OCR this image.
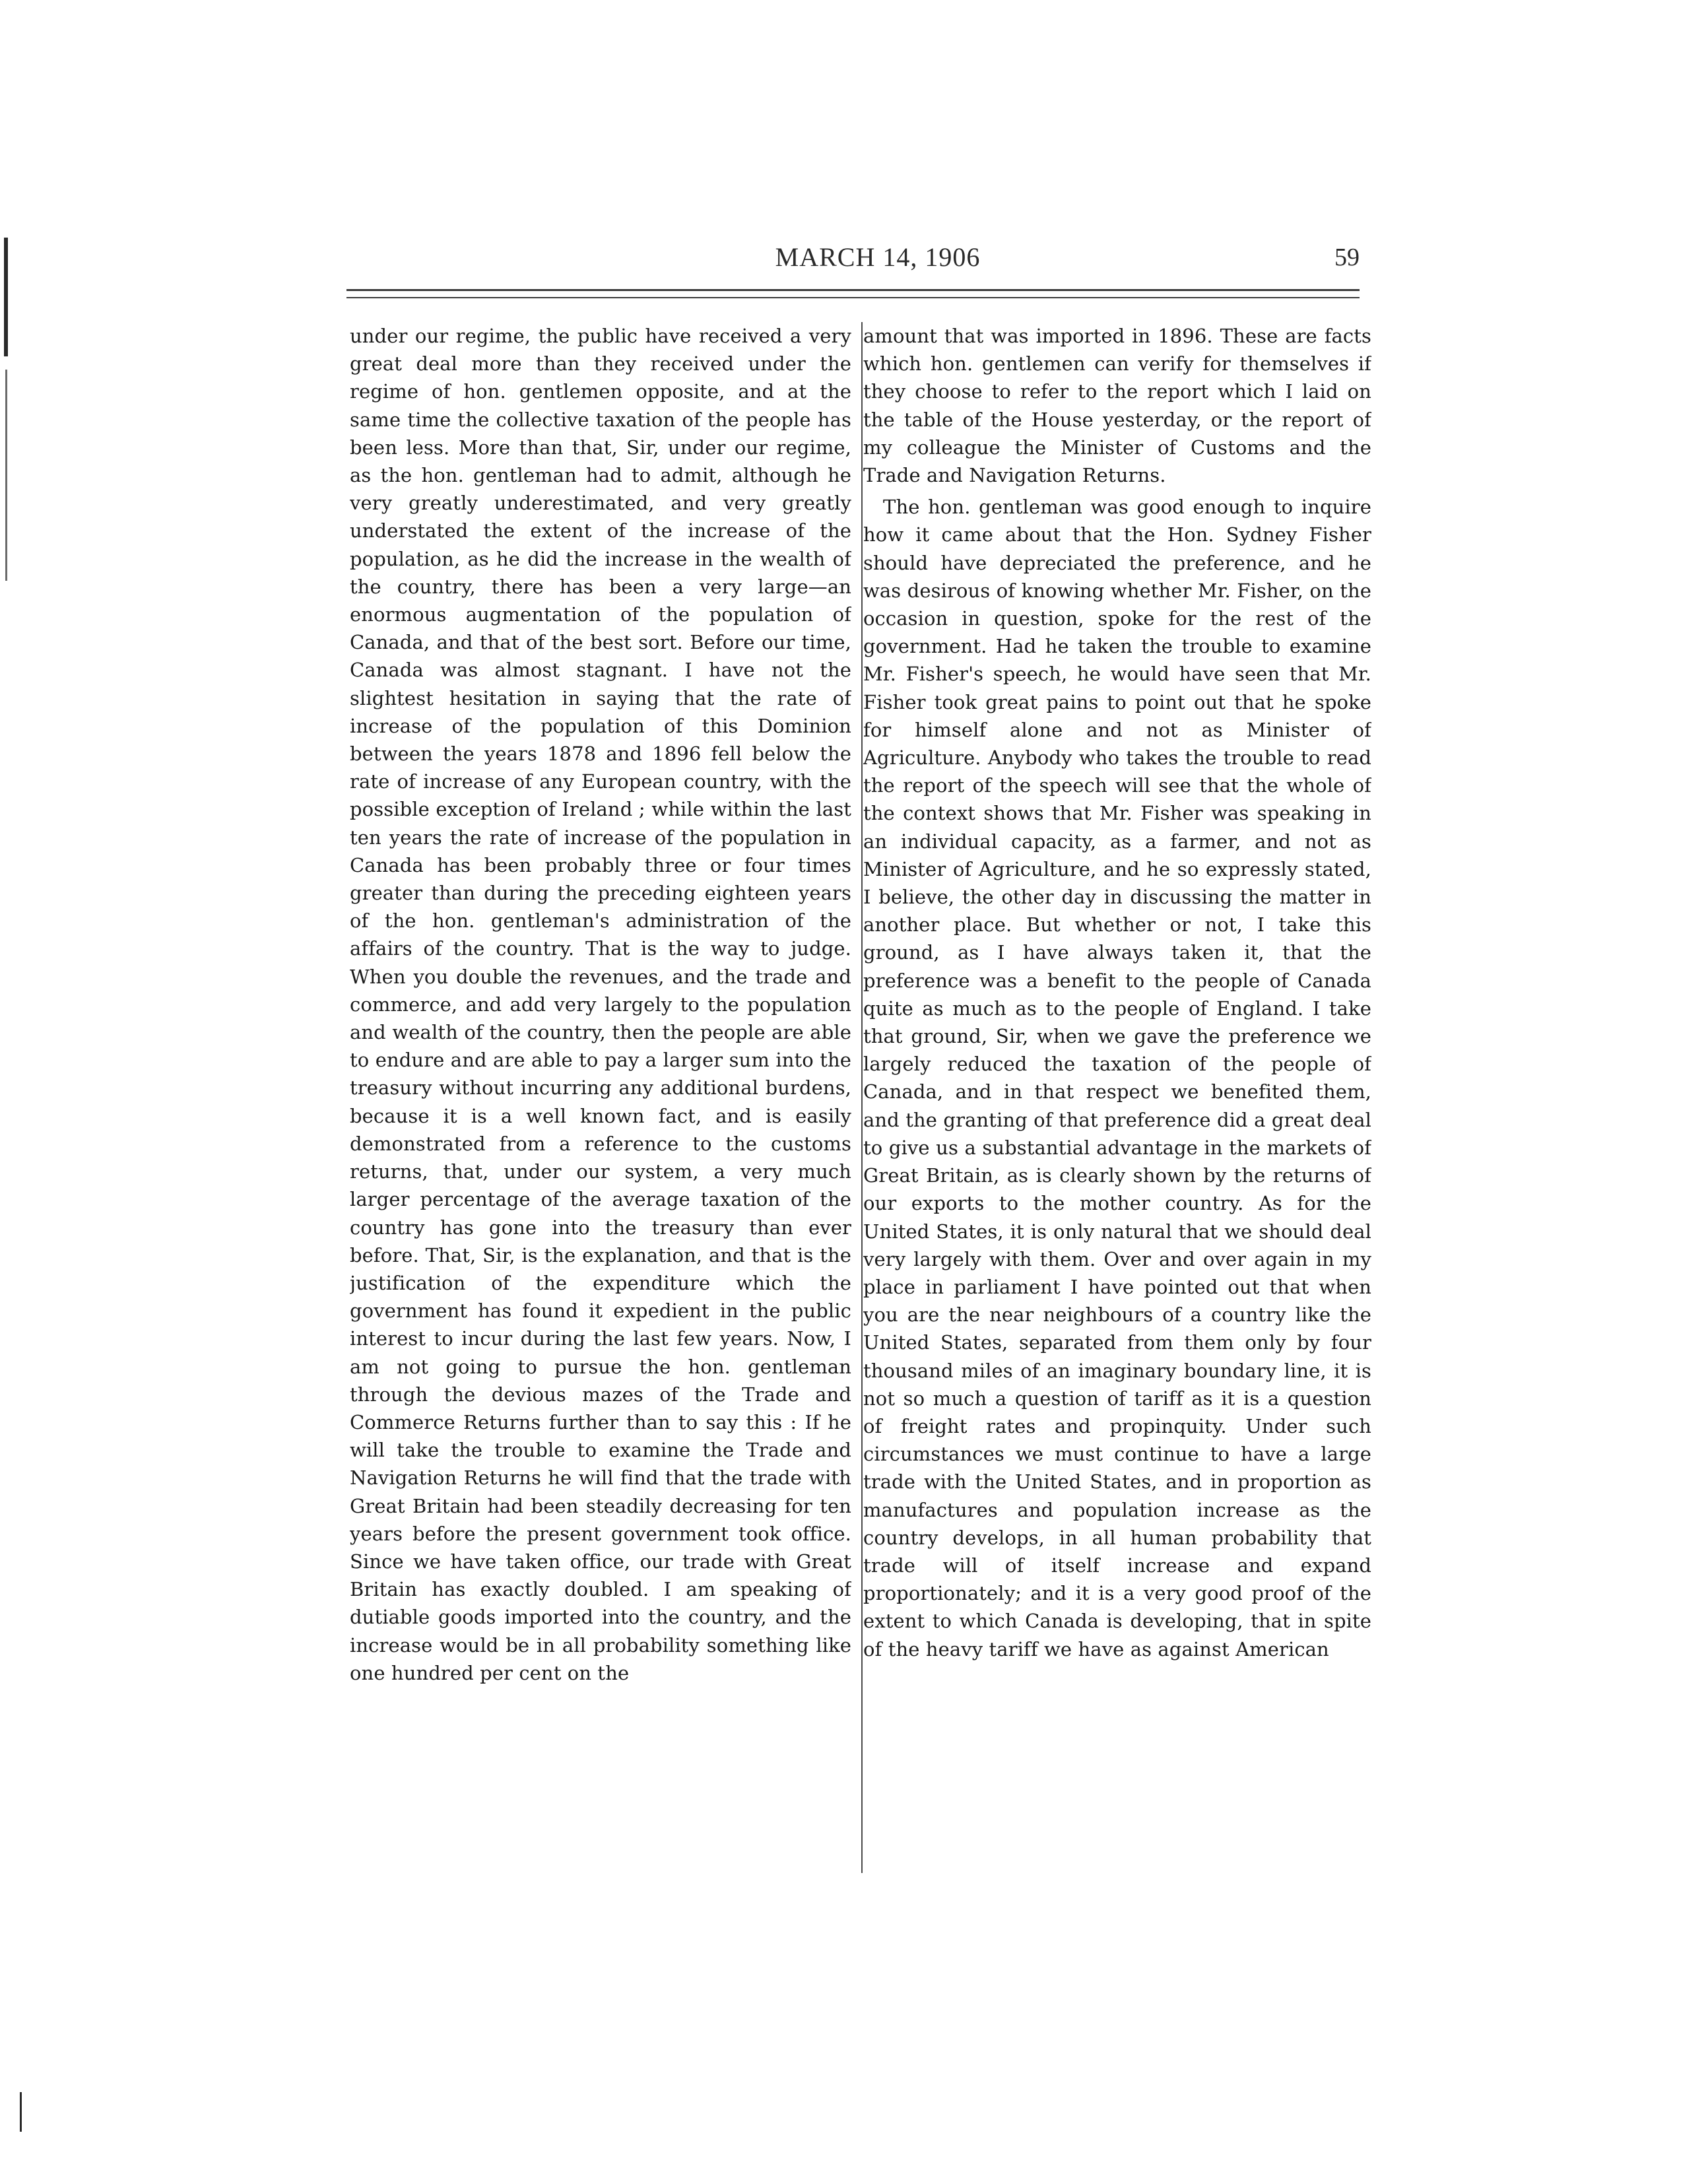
MARCH 14, 1906	59

under our regime, the public have received a very great deal more than they received under the regime of hon. gentlemen opposite, and at the same time the collective taxation of the people has been less. More than that, Sir, under our regime, as the hon. gentleman had to admit, although he very greatly underestimated, and very greatly understated the extent of the increase of the population, as he did the increase in the wealth of the country, there has been a very large—an enormous augmentation of the population of Canada, and that of the best sort. Before our time, Canada was almost stagnant. I have not the slightest hesitation in saying that the rate of increase of the population of this Dominion between the years 1878 and 1896 fell below the rate of increase of any European country, with the possible exception of Ireland ; while within the last ten years the rate of increase of the population in Canada has been probably three or four times greater than during the preceding eighteen years of the hon. gentleman's administration of the affairs of the country. That is the way to judge. When you double the revenues, and the trade and commerce, and add very largely to the population and wealth of the country, then the people are able to endure and are able to pay a larger sum into the treasury without incurring any additional burdens, because it is a well known fact, and is easily demonstrated from a reference to the customs returns, that, under our system, a very much larger percentage of the average taxation of the country has gone into the treasury than ever before. That, Sir, is the explanation, and that is the justification of the expenditure which the government has found it expedient in the public interest to incur during the last few years. Now, I am not going to pursue the hon. gentleman through the devious mazes of the Trade and Commerce Returns further than to say this : If he will take the trouble to examine the Trade and Navigation Returns he will find that the trade with Great Britain had been steadily decreasing for ten years before the present government took office. Since we have taken office, our trade with Great Britain has exactly doubled. I am speaking of dutiable goods imported into the country, and the increase would be in all probability something like one hundred per cent on the

amount that was imported in 1896. These are facts which hon. gentlemen can verify for themselves if they choose to refer to the report which I laid on the table of the House yesterday, or the report of my colleague the Minister of Customs and the Trade and Navigation Returns.

The hon. gentleman was good enough to inquire how it came about that the Hon. Sydney Fisher should have depreciated the preference, and he was desirous of knowing whether Mr. Fisher, on the occasion in question, spoke for the rest of the government. Had he taken the trouble to examine Mr. Fisher's speech, he would have seen that Mr. Fisher took great pains to point out that he spoke for himself alone and not as Minister of Agriculture. Anybody who takes the trouble to read the report of the speech will see that the whole of the context shows that Mr. Fisher was speaking in an individual capacity, as a farmer, and not as Minister of Agriculture, and he so expressly stated, I believe, the other day in discussing the matter in another place. But whether or not, I take this ground, as I have always taken it, that the preference was a benefit to the people of Canada quite as much as to the people of England. I take that ground, Sir, when we gave the preference we largely reduced the taxation of the people of Canada, and in that respect we benefited them, and the granting of that preference did a great deal to give us a substantial advantage in the markets of Great Britain, as is clearly shown by the returns of our exports to the mother country. As for the United States, it is only natural that we should deal very largely with them. Over and over again in my place in parliament I have pointed out that when you are the near neighbours of a country like the United States, separated from them only by four thousand miles of an imaginary boundary line, it is not so much a question of tariff as it is a question of freight rates and propinquity. Under such circumstances we must continue to have a large trade with the United States, and in proportion as manufactures and population increase as the country develops, in all human probability that trade will of itself increase and expand proportionately; and it is a very good proof of the extent to which Canada is developing, that in spite of the heavy tariff we have as against American
